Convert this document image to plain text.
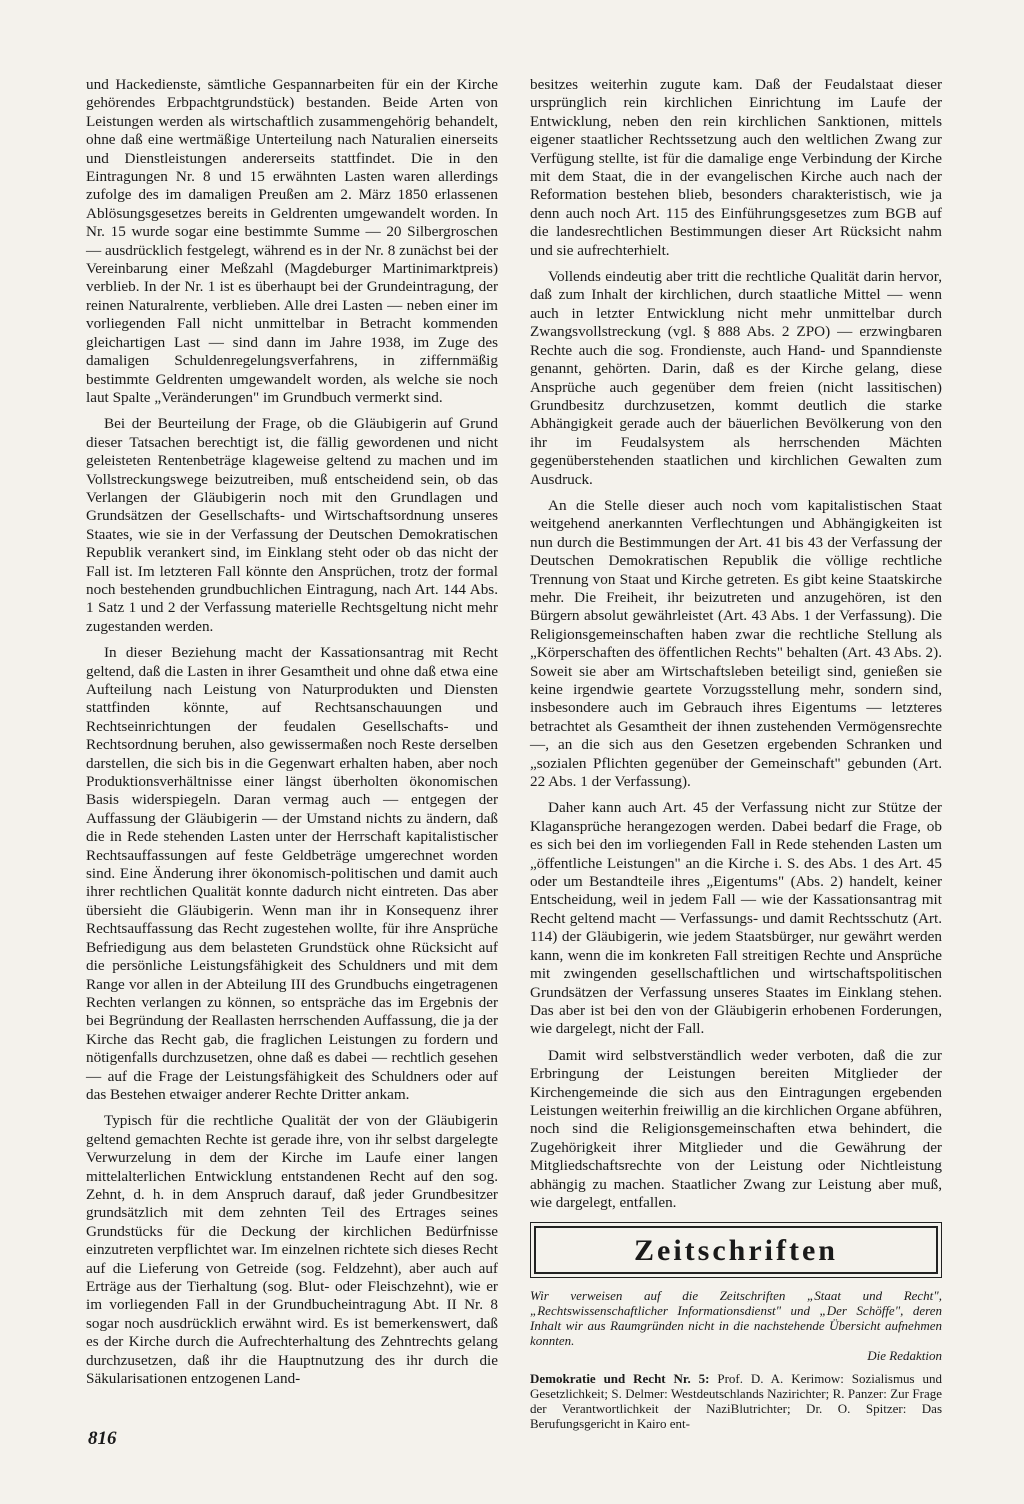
und Hackedienste, sämtliche Gespannarbeiten für ein der Kirche gehörendes Erbpachtgrundstück) bestanden. Beide Arten von Leistungen werden als wirtschaftlich zusammengehörig behandelt, ohne daß eine wertmäßige Unterteilung nach Naturalien einerseits und Dienstleistungen andererseits stattfindet. Die in den Eintragungen Nr. 8 und 15 erwähnten Lasten waren allerdings zufolge des im damaligen Preußen am 2. März 1850 erlassenen Ablösungsgesetzes bereits in Geldrenten umgewandelt worden. In Nr. 15 wurde sogar eine bestimmte Summe — 20 Silbergroschen — ausdrücklich festgelegt, während es in der Nr. 8 zunächst bei der Vereinbarung einer Meßzahl (Magdeburger Martinimarktpreis) verblieb. In der Nr. 1 ist es überhaupt bei der Grundeintragung, der reinen Naturalrente, verblieben. Alle drei Lasten — neben einer im vorliegenden Fall nicht unmittelbar in Betracht kommenden gleichartigen Last — sind dann im Jahre 1938, im Zuge des damaligen Schuldenregelungsverfahrens, in ziffernmäßig bestimmte Geldrenten umgewandelt worden, als welche sie noch laut Spalte „Veränderungen" im Grundbuch vermerkt sind.

Bei der Beurteilung der Frage, ob die Gläubigerin auf Grund dieser Tatsachen berechtigt ist, die fällig gewordenen und nicht geleisteten Rentenbeträge klageweise geltend zu machen und im Vollstreckungswege beizutreiben, muß entscheidend sein, ob das Verlangen der Gläubigerin noch mit den Grundlagen und Grundsätzen der Gesellschafts- und Wirtschaftsordnung unseres Staates, wie sie in der Verfassung der Deutschen Demokratischen Republik verankert sind, im Einklang steht oder ob das nicht der Fall ist. Im letzteren Fall könnte den Ansprüchen, trotz der formal noch bestehenden grundbuchlichen Eintragung, nach Art. 144 Abs. 1 Satz 1 und 2 der Verfassung materielle Rechtsgeltung nicht mehr zugestanden werden.

In dieser Beziehung macht der Kassationsantrag mit Recht geltend, daß die Lasten in ihrer Gesamtheit und ohne daß etwa eine Aufteilung nach Leistung von Naturprodukten und Diensten stattfinden könnte, auf Rechtsanschauungen und Rechtseinrichtungen der feudalen Gesellschafts- und Rechtsordnung beruhen, also gewissermaßen noch Reste derselben darstellen, die sich bis in die Gegenwart erhalten haben, aber noch Produktionsverhältnisse einer längst überholten ökonomischen Basis widerspiegeln. Daran vermag auch — entgegen der Auffassung der Gläubigerin — der Umstand nichts zu ändern, daß die in Rede stehenden Lasten unter der Herrschaft kapitalistischer Rechtsauffassungen auf feste Geldbeträge umgerechnet worden sind. Eine Änderung ihrer ökonomisch-politischen und damit auch ihrer rechtlichen Qualität konnte dadurch nicht eintreten. Das aber übersieht die Gläubigerin. Wenn man ihr in Konsequenz ihrer Rechtsauffassung das Recht zugestehen wollte, für ihre Ansprüche Befriedigung aus dem belasteten Grundstück ohne Rücksicht auf die persönliche Leistungsfähigkeit des Schuldners und mit dem Range vor allen in der Abteilung III des Grundbuchs eingetragenen Rechten verlangen zu können, so entspräche das im Ergebnis der bei Begründung der Reallasten herrschenden Auffassung, die ja der Kirche das Recht gab, die fraglichen Leistungen zu fordern und nötigenfalls durchzusetzen, ohne daß es dabei — rechtlich gesehen — auf die Frage der Leistungsfähigkeit des Schuldners oder auf das Bestehen etwaiger anderer Rechte Dritter ankam.

Typisch für die rechtliche Qualität der von der Gläubigerin geltend gemachten Rechte ist gerade ihre, von ihr selbst dargelegte Verwurzelung in dem der Kirche im Laufe einer langen mittelalterlichen Entwicklung entstandenen Recht auf den sog. Zehnt, d. h. in dem Anspruch darauf, daß jeder Grundbesitzer grundsätzlich mit dem zehnten Teil des Ertrages seines Grundstücks für die Deckung der kirchlichen Bedürfnisse einzutreten verpflichtet war. Im einzelnen richtete sich dieses Recht auf die Lieferung von Getreide (sog. Feldzehnt), aber auch auf Erträge aus der Tierhaltung (sog. Blut- oder Fleischzehnt), wie er im vorliegenden Fall in der Grundbucheintragung Abt. II Nr. 8 sogar noch ausdrücklich erwähnt wird. Es ist bemerkenswert, daß es der Kirche durch die Aufrechterhaltung des Zehntrechts gelang durchzusetzen, daß ihr die Hauptnutzung des ihr durch die Säkularisationen entzogenen Land-

besitzes weiterhin zugute kam. Daß der Feudalstaat dieser ursprünglich rein kirchlichen Einrichtung im Laufe der Entwicklung, neben den rein kirchlichen Sanktionen, mittels eigener staatlicher Rechtssetzung auch den weltlichen Zwang zur Verfügung stellte, ist für die damalige enge Verbindung der Kirche mit dem Staat, die in der evangelischen Kirche auch nach der Reformation bestehen blieb, besonders charakteristisch, wie ja denn auch noch Art. 115 des Einführungsgesetzes zum BGB auf die landesrechtlichen Bestimmungen dieser Art Rücksicht nahm und sie aufrechterhielt.

Vollends eindeutig aber tritt die rechtliche Qualität darin hervor, daß zum Inhalt der kirchlichen, durch staatliche Mittel — wenn auch in letzter Entwicklung nicht mehr unmittelbar durch Zwangsvollstreckung (vgl. § 888 Abs. 2 ZPO) — erzwingbaren Rechte auch die sog. Frondienste, auch Hand- und Spanndienste genannt, gehörten. Darin, daß es der Kirche gelang, diese Ansprüche auch gegenüber dem freien (nicht lassitischen) Grundbesitz durchzusetzen, kommt deutlich die starke Abhängigkeit gerade auch der bäuerlichen Bevölkerung von den ihr im Feudalsystem als herrschenden Mächten gegenüberstehenden staatlichen und kirchlichen Gewalten zum Ausdruck.

An die Stelle dieser auch noch vom kapitalistischen Staat weitgehend anerkannten Verflechtungen und Abhängigkeiten ist nun durch die Bestimmungen der Art. 41 bis 43 der Verfassung der Deutschen Demokratischen Republik die völlige rechtliche Trennung von Staat und Kirche getreten. Es gibt keine Staatskirche mehr. Die Freiheit, ihr beizutreten und anzugehören, ist den Bürgern absolut gewährleistet (Art. 43 Abs. 1 der Verfassung). Die Religionsgemeinschaften haben zwar die rechtliche Stellung als „Körperschaften des öffentlichen Rechts" behalten (Art. 43 Abs. 2). Soweit sie aber am Wirtschaftsleben beteiligt sind, genießen sie keine irgendwie geartete Vorzugsstellung mehr, sondern sind, insbesondere auch im Gebrauch ihres Eigentums — letzteres betrachtet als Gesamtheit der ihnen zustehenden Vermögensrechte —, an die sich aus den Gesetzen ergebenden Schranken und „sozialen Pflichten gegenüber der Gemeinschaft" gebunden (Art. 22 Abs. 1 der Verfassung).

Daher kann auch Art. 45 der Verfassung nicht zur Stütze der Klagansprüche herangezogen werden. Dabei bedarf die Frage, ob es sich bei den im vorliegenden Fall in Rede stehenden Lasten um „öffentliche Leistungen" an die Kirche i. S. des Abs. 1 des Art. 45 oder um Bestandteile ihres „Eigentums" (Abs. 2) handelt, keiner Entscheidung, weil in jedem Fall — wie der Kassationsantrag mit Recht geltend macht — Verfassungs- und damit Rechtsschutz (Art. 114) der Gläubigerin, wie jedem Staatsbürger, nur gewährt werden kann, wenn die im konkreten Fall streitigen Rechte und Ansprüche mit zwingenden gesellschaftlichen und wirtschaftspolitischen Grundsätzen der Verfassung unseres Staates im Einklang stehen. Das aber ist bei den von der Gläubigerin erhobenen Forderungen, wie dargelegt, nicht der Fall.

Damit wird selbstverständlich weder verboten, daß die zur Erbringung der Leistungen bereiten Mitglieder der Kirchengemeinde die sich aus den Eintragungen ergebenden Leistungen weiterhin freiwillig an die kirchlichen Organe abführen, noch sind die Religionsgemeinschaften etwa behindert, die Zugehörigkeit ihrer Mitglieder und die Gewährung der Mitgliedschaftsrechte von der Leistung oder Nichtleistung abhängig zu machen. Staatlicher Zwang zur Leistung aber muß, wie dargelegt, entfallen.

Zeitschriften
Wir verweisen auf die Zeitschriften „Staat und Recht", „Rechtswissenschaftlicher Informationsdienst" und „Der Schöffe", deren Inhalt wir aus Raumgründen nicht in die nachstehende Übersicht aufnehmen konnten.
Die Redaktion
Demokratie und Recht Nr. 5: Prof. D. A. Kerimow: Sozialismus und Gesetzlichkeit; S. Delmer: Westdeutschlands Nazirichter; R. Panzer: Zur Frage der Verantwortlichkeit der NaziBlutrichter; Dr. O. Spitzer: Das Berufungsgericht in Kairo ent-
816
